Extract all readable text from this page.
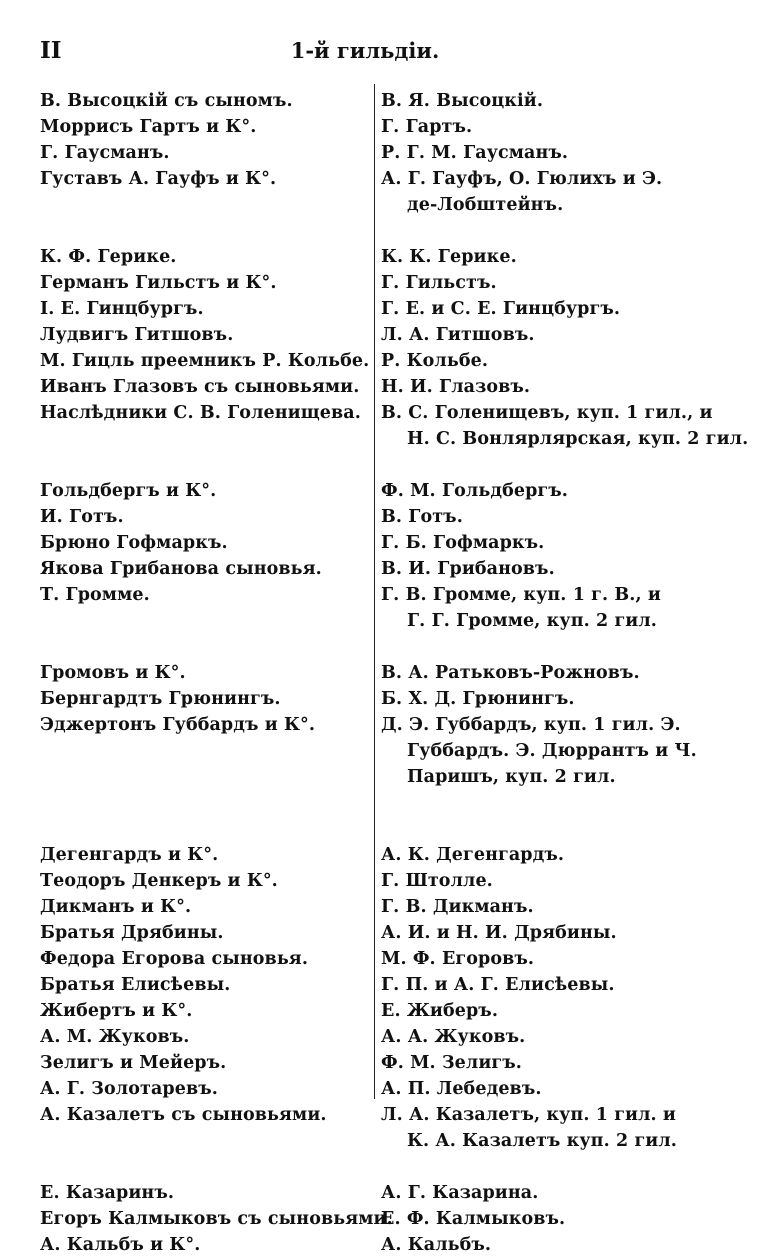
II	1-й гильдіи.
В. Высоцкій съ сыномъ.
Моррисъ Гартъ и К°.
Г. Гаусманъ.
Густавъ А. Гауфъ и К°.
К. Ф. Герике.
Германъ Гильстъ и К°.
I. Е. Гинцбургъ.
Лудвигъ Гитшовъ.
М. Гицль преемникъ Р. Кольбе.
Иванъ Глазовъ съ сыновьями.
Наслѣдники С. В. Голенищева.
Гольдбергъ и К°.
И. Готъ.
Брюно Гофмаркъ.
Якова Грибанова сыновья.
Т. Громме.
Громовъ и К°.
Бернгардтъ Грюнингъ.
Эджертонъ Губбардъ и К°.
Дегенгардъ и К°.
Теодоръ Денкеръ и К°.
Дикманъ и К°.
Братья Дрябины.
Федора Егорова сыновья.
Братья Елисѣевы.
Жибертъ и К°.
А. М. Жуковъ.
Зелигъ и Мейеръ.
А. Г. Золотаревъ.
А. Казалетъ съ сыновьями.
Е. Казаринъ.
Егоръ Калмыковъ съ сыновьями.
А. Кальбъ и К°.
В. Я. Высоцкій.
Г. Гартъ.
Р. Г. М. Гаусманъ.
А. Г. Гауфъ, О. Гюлихъ и Э.
де-Лобштейнъ.
К. К. Герике.
Г. Гильстъ.
Г. Е. и С. Е. Гинцбургъ.
Л. А. Гитшовъ.
Р. Кольбе.
Н. И. Глазовъ.
В. С. Голенищевъ, куп. 1 гил., и
Н. С. Вонлярлярская, куп. 2 гил.
Ф. М. Гольдбергъ.
В. Готъ.
Г. Б. Гофмаркъ.
В. И. Грибановъ.
Г. В. Громме, куп. 1 г. В., и
Г. Г. Громме, куп. 2 гил.
В. А. Ратьковъ-Рожновъ.
Б. Х. Д. Грюнингъ.
Д. Э. Губбардъ, куп. 1 гил. Э.
Губбардъ. Э. Дюррантъ и Ч.
Паришъ, куп. 2 гил.
А. К. Дегенгардъ.
Г. Штолле.
Г. В. Дикманъ.
А. И. и Н. И. Дрябины.
М. Ф. Егоровъ.
Г. П. и А. Г. Елисѣевы.
Е. Жиберъ.
А. А. Жуковъ.
Ф. М. Зелигъ.
А. П. Лебедевъ.
Л. А. Казалетъ, куп. 1 гил. и
К. А. Казалетъ куп. 2 гил.
А. Г. Казарина.
Е. Ф. Калмыковъ.
А. Кальбъ.
